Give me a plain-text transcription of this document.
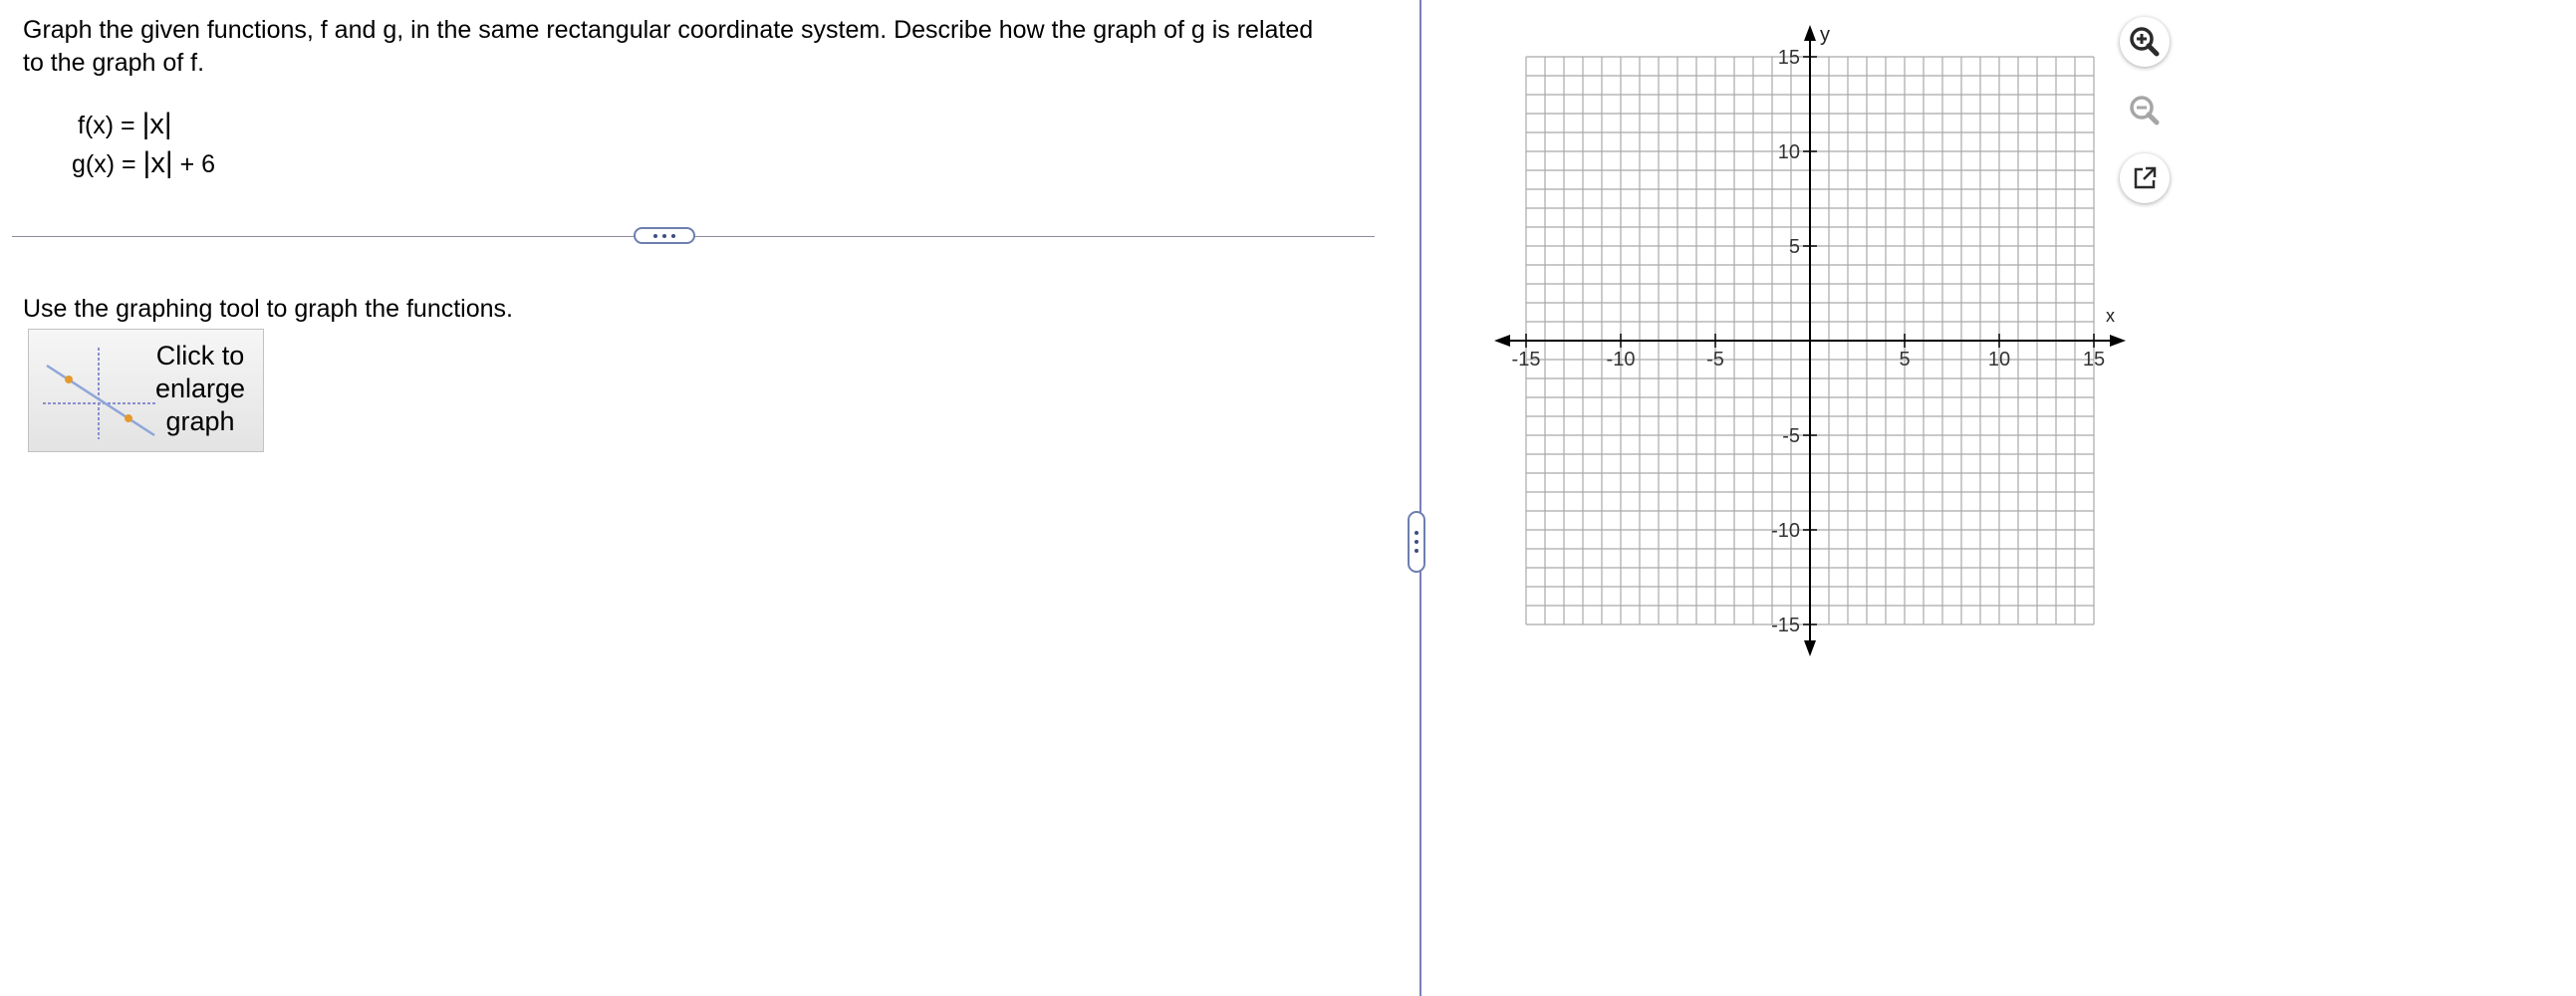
Graph the given functions, f and g, in the same rectangular coordinate system. Describe how the graph of g is related to the graph of f.
f(x) = |x|
g(x) = |x| + 6
Use the graphing tool to graph the functions.
Click to
enlarge
graph
-15	-10	-5	5	10	15
15
10
5
-5
-10
-15
x
y
